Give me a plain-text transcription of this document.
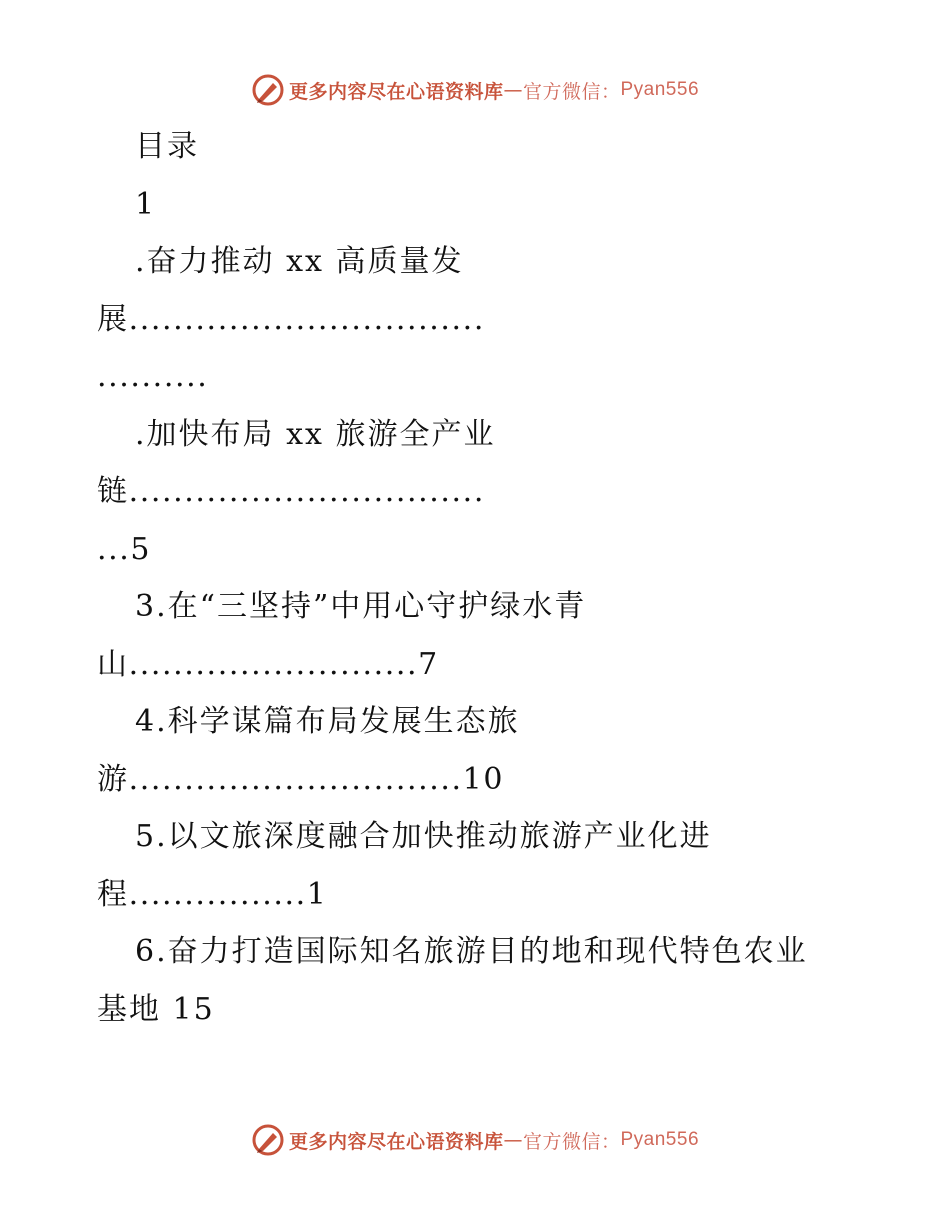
更多内容尽在心语资料库 — 官方微信： Pyan556
目录
1
.奋力推动 xx 高质量发
展................................
..........
.加快布局 xx 旅游全产业
链................................
...5
3.在“三坚持”中用心守护绿水青
山..........................7
4.科学谋篇布局发展生态旅
游..............................10
5.以文旅深度融合加快推动旅游产业化进
程................1
6.奋力打造国际知名旅游目的地和现代特色农业
基地 15
更多内容尽在心语资料库 — 官方微信： Pyan556
